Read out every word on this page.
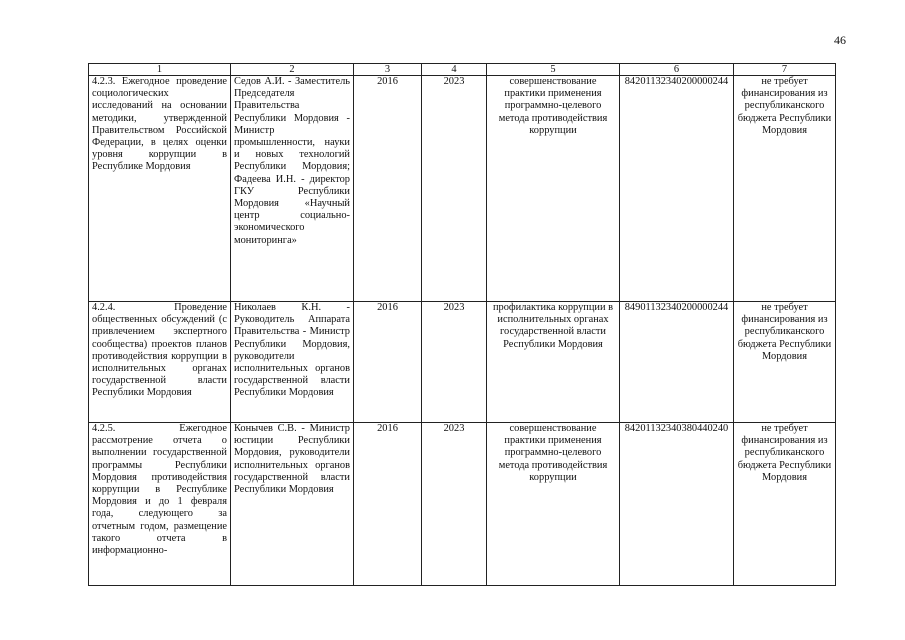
46
1	2	3	4	5	6	7
4.2.3. Ежегодное проведение социологических исследований на основании методики, утвержденной Правительством Российской Федерации, в целях оценки уровня коррупции в Республике Мордовия	Седов А.И. - Заместитель Председателя Правительства Республики Мордовия - Министр промышленности, науки и новых технологий Республики Мордовия; Фадеева И.Н. - директор ГКУ Республики Мордовия «Научный центр социально-экономического мониторинга»	2016	2023	совершенствование практики применения программно-целевого метода противодействия коррупции	84201132340200000244	не требует финансирования из республиканского бюджета Республики Мордовия
4.2.4. Проведение общественных обсуждений (с привлечением экспертного сообщества) проектов планов противодействия коррупции в исполнительных органах государственной власти Республики Мордовия	Николаев К.Н. - Руководитель Аппарата Правительства - Министр Республики Мордовия, руководители исполнительных органов государственной власти Республики Мордовия	2016	2023	профилактика коррупции в исполнительных органах государственной власти Республики Мордовия	84901132340200000244	не требует финансирования из республиканского бюджета Республики Мордовия

4.2.5. Ежегодное рассмотрение отчета о выполнении государственной программы Республики Мордовия противодействия коррупции в Республике Мордовия и до 1 февраля года, следующего за отчетным годом, размещение такого отчета в информационно-	Конычев С.В. - Министр юстиции Республики Мордовия, руководители исполнительных органов государственной власти Республики Мордовия	2016	2023	совершенствование практики применения программно-целевого метода противодействия коррупции	84201132340380440240	не требует финансирования из республиканского бюджета Республики Мордовия
